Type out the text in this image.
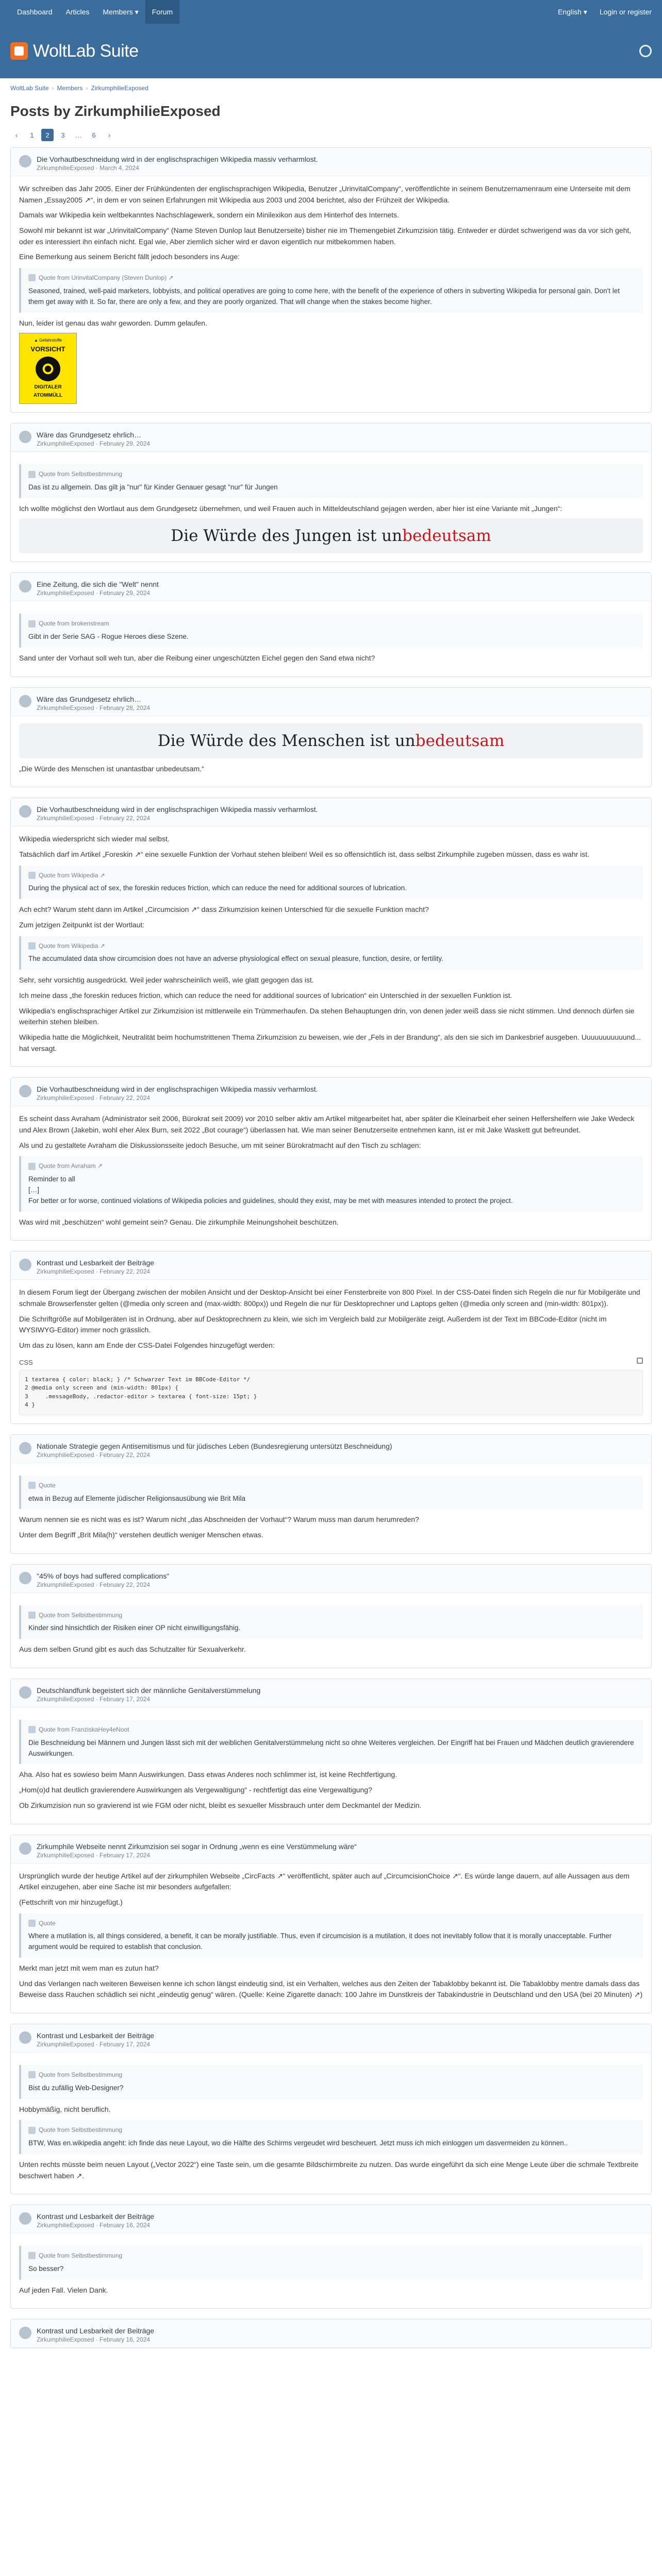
Dashboard	Articles	Members ▾	Forum	English ▾ Login or register
WoltLab Suite
WoltLab Suite › Members › ZirkumphilieExposed
Posts by ZirkumphilieExposed
‹	1	2	3	…	6	›
Die Vorhautbeschneidung wird in der englischsprachigen Wikipedia massiv verharmlost.
ZirkumphilieExposed · March 4, 2024

Wir schreiben das Jahr 2005. Einer der Frühkündenten der englischsprachigen Wikipedia, Benutzer „UrinvitalCompany“, veröffentlichte in seinem Benutzernamenraum eine Unterseite mit dem Namen „Essay2005 ↗“, in dem er von seinen Erfahrungen mit Wikipedia aus 2003 und 2004 berichtet, also der Frühzeit der Wikipedia.

Damals war Wikipedia kein weltbekanntes Nachschlagewerk, sondern ein Minilexikon aus dem Hinterhof des Internets.

Sowohl mir bekannt ist war „UrinvitalCompany“ (Name Steven Dunlop laut Benutzerseite) bisher nie im Themengebiet Zirkumzision tätig. Entweder er dürdet schwerigend was da vor sich geht, oder es interessiert ihn einfach nicht. Egal wie, Aber ziemlich sicher wird er davon eigentlich nur mitbekommen haben.

Eine Bemerkung aus seinem Bericht fällt jedoch besonders ins Auge:

Quote from UrinvitalCompany (Steven Dunlop) ↗
Seasoned, trained, well-paid marketers, lobbyists, and political operatives are going to come here, with the benefit of the experience of others in subverting Wikipedia for personal gain. Don't let them get away with it. So far, there are only a few, and they are poorly organized. That will change when the stakes become higher.

Nun, leider ist genau das wahr geworden. Dumm gelaufen.

▲ Gefahrstoffe
VORSICHT
DIGITALER ATOMMÜLL
Wäre das Grundgesetz ehrlich…
ZirkumphilieExposed · February 29, 2024
Quote from Selbstbestimmung
Das ist zu allgemein. Das gilt ja "nur" für Kinder Genauer gesagt "nur" für Jungen

Ich wollte möglichst den Wortlaut aus dem Grundgesetz übernehmen, und weil Frauen auch in Mitteldeutschland gejagen werden, aber hier ist eine Variante mit „Jungen“:

Die Würde des Jungen ist un bedeutsam
Eine Zeitung, die sich die "Welt" nennt
ZirkumphilieExposed · February 29, 2024
Quote from brokenstream
Gibt in der Serie SAG - Rogue Heroes diese Szene.

Sand unter der Vorhaut soll weh tun, aber die Reibung einer ungeschützten Eichel gegen den Sand etwa nicht?

Wäre das Grundgesetz ehrlich…
ZirkumphilieExposed · February 28, 2024
Die Würde des Menschen ist un bedeutsam

„Die Würde des Menschen ist unantastbar unbedeutsam.“

Die Vorhautbeschneidung wird in der englischsprachigen Wikipedia massiv verharmlost.
ZirkumphilieExposed · February 22, 2024

Wikipedia wiederspricht sich wieder mal selbst.

Tatsächlich darf im Artikel „Foreskin ↗“ eine sexuelle Funktion der Vorhaut stehen bleiben! Weil es so offensichtlich ist, dass selbst Zirkumphile zugeben müssen, dass es wahr ist.

Quote from Wikipedia ↗
During the physical act of sex, the foreskin reduces friction, which can reduce the need for additional sources of lubrication.

Ach echt? Warum steht dann im Artikel „Circumcision ↗“ dass Zirkumzision keinen Unterschied für die sexuelle Funktion macht?

Zum jetzigen Zeitpunkt ist der Wortlaut:

Quote from Wikipedia ↗
The accumulated data show circumcision does not have an adverse physiological effect on sexual pleasure, function, desire, or fertility.

Sehr, sehr vorsichtig ausgedrückt. Weil jeder wahrscheinlich weiß, wie glatt gegogen das ist.

Ich meine dass „the foreskin reduces friction, which can reduce the need for additional sources of lubrication“ ein Unterschied in der sexuellen Funktion ist.

Wikipedia's englischsprachiger Artikel zur Zirkumzision ist mittlerweile ein Trümmerhaufen. Da stehen Behauptungen drin, von denen jeder weiß dass sie nicht stimmen. Und dennoch dürfen sie weiterhin stehen bleiben.

Wikipedia hatte die Möglichkeit, Neutralität beim hochumstrittenen Thema Zirkumzision zu beweisen, wie der „Fels in der Brandung“, als den sie sich im Dankesbrief ausgeben. Uuuuuuuuuuund... hat versagt.

Die Vorhautbeschneidung wird in der englischsprachigen Wikipedia massiv verharmlost.
ZirkumphilieExposed · February 22, 2024

Es scheint dass Avraham (Administrator seit 2006, Bürokrat seit 2009) vor 2010 selber aktiv am Artikel mitgearbeitet hat, aber später die Kleinarbeit eher seinen Helfershelfern wie Jake Wedeck und Alex Brown (Jakebin, wohl eher Alex Burn, seit 2022 „Bot courage“) überlassen hat. Wie man seiner Benutzerseite entnehmen kann, ist er mit Jake Waskett gut befreundet.

Als und zu gestaltete Avraham die Diskussionsseite jedoch Besuche, um mit seiner Bürokratmacht auf den Tisch zu schlagen:

Quote from Avraham ↗
Reminder to all
[…]
For better or for worse, continued violations of Wikipedia policies and guidelines, should they exist, may be met with measures intended to protect the project.

Was wird mit „beschützen“ wohl gemeint sein? Genau. Die zirkumphile Meinungshoheit beschützen.

Kontrast und Lesbarkeit der Beiträge
ZirkumphilieExposed · February 22, 2024

In diesem Forum liegt der Übergang zwischen der mobilen Ansicht und der Desktop-Ansicht bei einer Fensterbreite von 800 Pixel. In der CSS-Datei finden sich Regeln die nur für Mobilgeräte und schmale Browserfenster gelten (@media only screen and (max-width: 800px)) und Regeln die nur für Desktoprechner und Laptops gelten (@media only screen and (min-width: 801px)).

Die Schriftgröße auf Mobilgeräten ist in Ordnung, aber auf Desktoprechnern zu klein, wie sich im Vergleich bald zur Mobilgeräte zeigt. Außerdem ist der Text im BBCode-Editor (nicht im WYSIWYG-Editor) immer noch grässlich.

Um das zu lösen, kann am Ende der CSS-Datei Folgendes hinzugefügt werden:

CSS
1 textarea { color: black; } /* Schwarzer Text im BBCode-Editor */
2 @media only screen and (min-width: 801px) {
3     .messageBody, .redactor-editor > textarea { font-size: 15pt; }
4 }
Nationale Strategie gegen Antisemitismus und für jüdisches Leben (Bundesregierung untersützt Beschneidung)
ZirkumphilieExposed · February 22, 2024
Quote
etwa in Bezug auf Elemente jüdischer Religionsausübung wie Brit Mila

Warum nennen sie es nicht was es ist? Warum nicht „das Abschneiden der Vorhaut“? Warum muss man darum herumreden?

Unter dem Begriff „Brit Mila(h)“ verstehen deutlich weniger Menschen etwas.

"45% of boys had suffered complications"
ZirkumphilieExposed · February 22, 2024
Quote from Selbstbestimmung
Kinder sind hinsichtlich der Risiken einer OP nicht einwilligungsfähig.

Aus dem selben Grund gibt es auch das Schutzalter für Sexualverkehr.

Deutschlandfunk begeistert sich der männliche Genitalverstümmelung
ZirkumphilieExposed · February 17, 2024
Quote from FranziskaHey4eNoot
Die Beschneidung bei Männern und Jungen lässt sich mit der weiblichen Genitalverstümmelung nicht so ohne Weiteres vergleichen. Der Eingriff hat bei Frauen und Mädchen deutlich gravierendere Auswirkungen.

Aha. Also hat es sowieso beim Mann Auswirkungen. Dass etwas Anderes noch schlimmer ist, ist keine Rechtfertigung.

„Hom(o)d hat deutlich gravierendere Auswirkungen als Vergewaltigung“ - rechtfertigt das eine Vergewaltigung?

Ob Zirkumzision nun so gravierend ist wie FGM oder nicht, bleibt es sexueller Missbrauch unter dem Deckmantel der Medizin.

Zirkumphile Webseite nennt Zirkumzision sei sogar in Ordnung „wenn es eine Verstümmelung wäre“
ZirkumphilieExposed · February 17, 2024

Ursprünglich wurde der heutige Artikel auf der zirkumphilen Webseite „CircFacts ↗“ veröffentlicht, später auch auf „CircumcisionChoice ↗“. Es würde lange dauern, auf alle Aussagen aus dem Artikel einzugehen, aber eine Sache ist mir besonders aufgefallen:

(Fettschrift von mir hinzugefügt.)

Quote
Where a mutilation is, all things considered, a benefit, it can be morally justifiable. Thus, even if circumcision is a mutilation, it does not inevitably follow that it is morally unacceptable. Further argument would be required to establish that conclusion.

Merkt man jetzt mit wem man es zutun hat?

Und das Verlangen nach weiteren Beweisen kenne ich schon längst eindeutig sind, ist ein Verhalten, welches aus den Zeiten der Tabaklobby bekannt ist. Die Tabaklobby mentre damals dass das Beweise dass Rauchen schädlich sei nicht „eindeutig genug“ wären. (Quelle: Keine Zigarette danach: 100 Jahre im Dunstkreis der Tabakindustrie in Deutschland und den USA (bei 20 Minuten) ↗)

Kontrast und Lesbarkeit der Beiträge
ZirkumphilieExposed · February 17, 2024
Quote from Selbstbestimmung
Bist du zufällig Web-Designer?

Hobbymäßig, nicht beruflich.

Quote from Selbstbestimmung
BTW, Was en.wikipedia angeht: ich finde das neue Layout, wo die Hälfte des Schirms vergeudet wird bescheuert. Jetzt muss ich mich einloggen um dasvermeiden zu können..

Unten rechts müsste beim neuen Layout („Vector 2022“) eine Taste sein, um die gesamte Bildschirmbreite zu nutzen. Das wurde eingeführt da sich eine Menge Leute über die schmale Textbreite beschwert haben ↗.

Kontrast und Lesbarkeit der Beiträge
ZirkumphilieExposed · February 16, 2024
Quote from Selbstbestimmung
So besser?

Auf jeden Fall. Vielen Dank.

Kontrast und Lesbarkeit der Beiträge
ZirkumphilieExposed · February 16, 2024
